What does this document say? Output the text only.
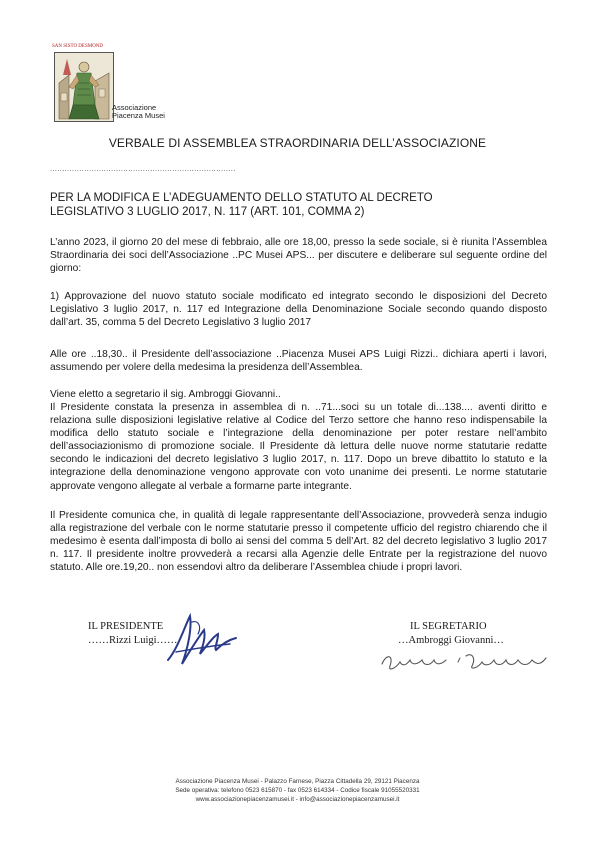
SAN SISTO DESMOND
Associazione
Piacenza Musei
VERBALE DI ASSEMBLEA STRAORDINARIA DELL’ASSOCIAZIONE
............................................................................
PER LA MODIFICA E L’ADEGUAMENTO DELLO STATUTO AL DECRETO
LEGISLATIVO 3 LUGLIO 2017, N. 117 (ART. 101, COMMA 2)
L’anno 2023, il giorno 20 del mese di febbraio, alle ore 18,00, presso la sede sociale, si è riunita l’Assemblea Straordinaria dei soci dell’Associazione ..PC Musei APS... per discutere e deliberare sul seguente ordine del giorno:
1) Approvazione del nuovo statuto sociale modificato ed integrato secondo le disposizioni del Decreto Legislativo 3 luglio 2017, n. 117 ed Integrazione della Denominazione Sociale secondo quando disposto dall’art. 35, comma 5 del Decreto Legislativo 3 luglio 2017
Alle ore ..18,30.. il Presidente dell’associazione ..Piacenza Musei APS Luigi Rizzi.. dichiara aperti i lavori, assumendo per volere della medesima la presidenza dell’Assemblea.
Viene eletto a segretario il sig. Ambroggi Giovanni..
Il Presidente constata la presenza in assemblea di n. ..71...soci su un totale di...138.... aventi diritto e relaziona sulle disposizioni legislative relative al Codice del Terzo settore che hanno reso indispensabile la modifica dello statuto sociale e l’integrazione della denominazione per poter restare nell’ambito dell’associazionismo di promozione sociale. Il Presidente dà lettura delle nuove norme statutarie redatte secondo le indicazioni del decreto legislativo 3 luglio 2017, n. 117. Dopo un breve dibattito lo statuto e la integrazione della denominazione vengono approvate con voto unanime dei presenti. Le norme statutarie approvate vengono allegate al verbale a formarne parte integrante.
Il Presidente comunica che, in qualità di legale rappresentante dell’Associazione, provvederà senza indugio alla registrazione del verbale con le norme statutarie presso il competente ufficio del registro chiarendo che il medesimo è esenta dall’imposta di bollo ai sensi del comma 5 dell’Art. 82 del decreto legislativo 3 luglio 2017 n. 117. Il presidente inoltre provvederà a recarsi alla Agenzie delle Entrate per la registrazione del nuovo statuto. Alle ore.19,20.. non essendovi altro da deliberare l’Assemblea chiude i propri lavori.
IL PRESIDENTE
……Rizzi Luigi……
IL SEGRETARIO
…Ambroggi Giovanni…
Associazione Piacenza Musei - Palazzo Farnese, Piazza Cittadella 29, 29121 Piacenza
Sede operativa: telefono 0523 615870 - fax 0523 614334 - Codice fiscale 91055520331
www.associazionepiacenzamusei.it - info@associazionepiacenzamusei.it
